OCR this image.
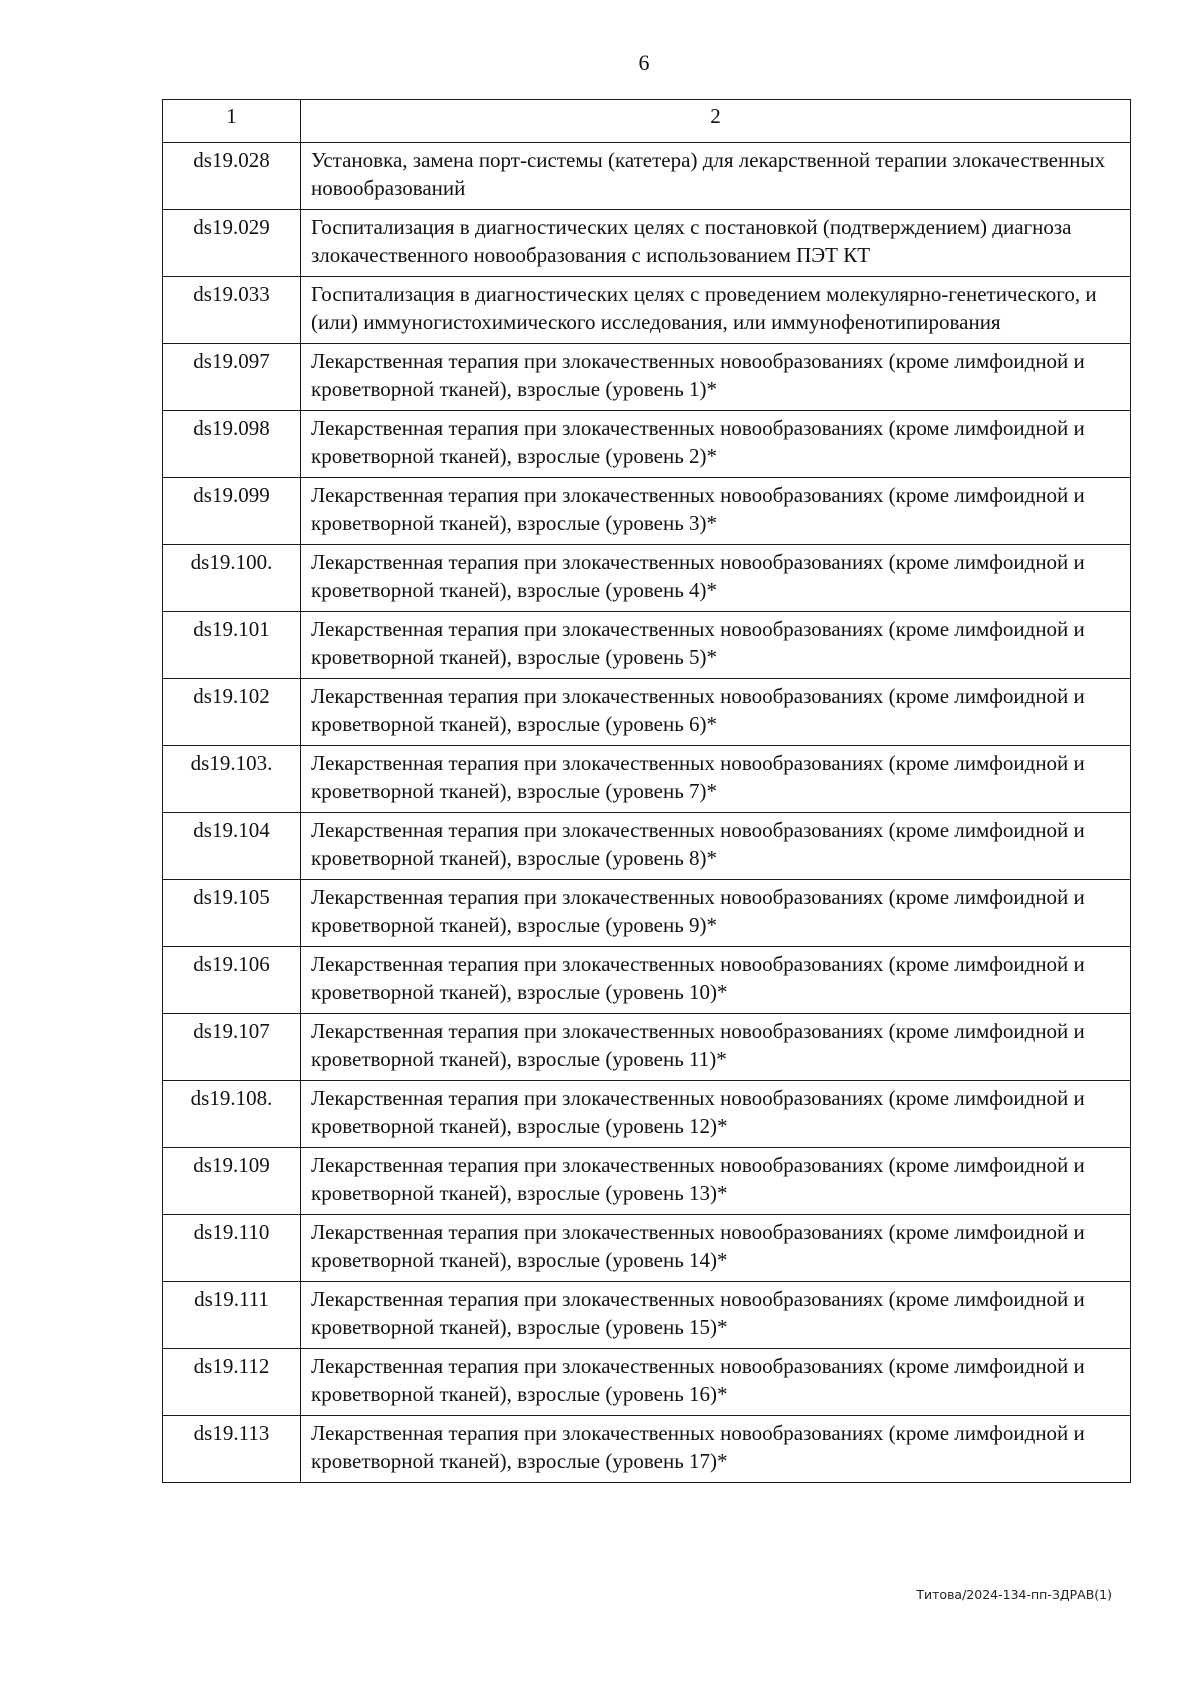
6
1	2
ds19.028	Установка, замена порт-системы (катетера) для лекарственной терапии злокачественных новообразований
ds19.029	Госпитализация в диагностических целях с постановкой (подтверждением) диагноза злокачественного новообразования с использованием ПЭТ КТ
ds19.033	Госпитализация в диагностических целях с проведением молекулярно-генетического, и (или) иммуногистохимического исследования, или иммунофенотипирования
ds19.097	Лекарственная терапия при злокачественных новообразованиях (кроме лимфоидной и кроветворной тканей), взрослые (уровень 1)*
ds19.098	Лекарственная терапия при злокачественных новообразованиях (кроме лимфоидной и кроветворной тканей), взрослые (уровень 2)*
ds19.099	Лекарственная терапия при злокачественных новообразованиях (кроме лимфоидной и кроветворной тканей), взрослые (уровень 3)*
ds19.100.	Лекарственная терапия при злокачественных новообразованиях (кроме лимфоидной и кроветворной тканей), взрослые (уровень 4)*
ds19.101	Лекарственная терапия при злокачественных новообразованиях (кроме лимфоидной и кроветворной тканей), взрослые (уровень 5)*
ds19.102	Лекарственная терапия при злокачественных новообразованиях (кроме лимфоидной и кроветворной тканей), взрослые (уровень 6)*
ds19.103.	Лекарственная терапия при злокачественных новообразованиях (кроме лимфоидной и кроветворной тканей), взрослые (уровень 7)*
ds19.104	Лекарственная терапия при злокачественных новообразованиях (кроме лимфоидной и кроветворной тканей), взрослые (уровень 8)*
ds19.105	Лекарственная терапия при злокачественных новообразованиях (кроме лимфоидной и кроветворной тканей), взрослые (уровень 9)*
ds19.106	Лекарственная терапия при злокачественных новообразованиях (кроме лимфоидной и кроветворной тканей), взрослые (уровень 10)*
ds19.107	Лекарственная терапия при злокачественных новообразованиях (кроме лимфоидной и кроветворной тканей), взрослые (уровень 11)*
ds19.108.	Лекарственная терапия при злокачественных новообразованиях (кроме лимфоидной и кроветворной тканей), взрослые (уровень 12)*
ds19.109	Лекарственная терапия при злокачественных новообразованиях (кроме лимфоидной и кроветворной тканей), взрослые (уровень 13)*
ds19.110	Лекарственная терапия при злокачественных новообразованиях (кроме лимфоидной и кроветворной тканей), взрослые (уровень 14)*
ds19.111	Лекарственная терапия при злокачественных новообразованиях (кроме лимфоидной и кроветворной тканей), взрослые (уровень 15)*
ds19.112	Лекарственная терапия при злокачественных новообразованиях (кроме лимфоидной и кроветворной тканей), взрослые (уровень 16)*
ds19.113	Лекарственная терапия при злокачественных новообразованиях (кроме лимфоидной и кроветворной тканей), взрослые (уровень 17)*
Титова/2024-134-пп-ЗДРАВ(1)
